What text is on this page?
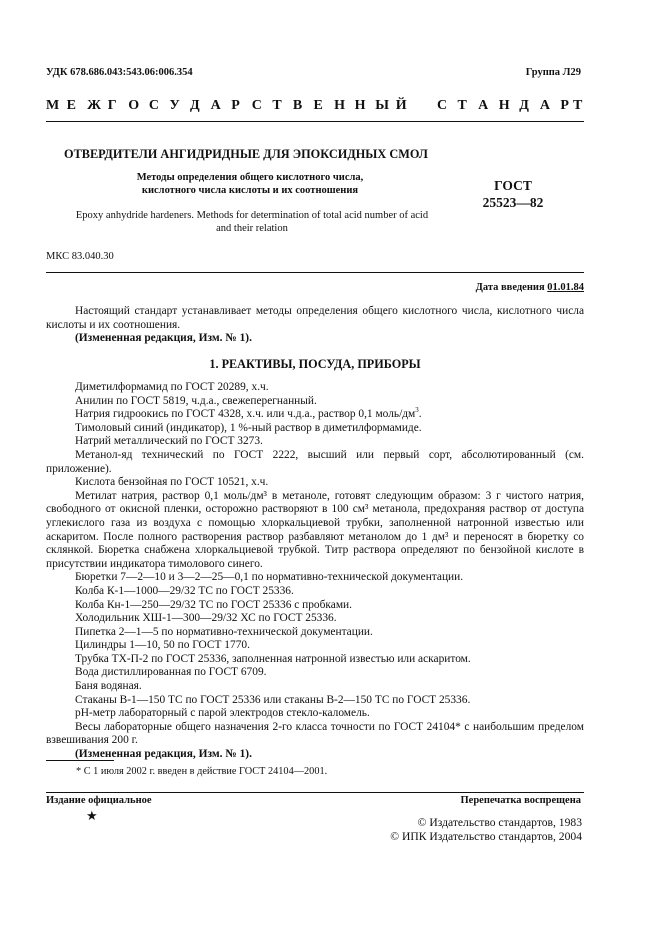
УДК 678.686.043:543.06:006.354	Группа Л29
М Е Ж Г О С У Д А Р С Т В Е Н Н Ы Й С Т А Н Д А Р Т
ОТВЕРДИТЕЛИ АНГИДРИДНЫЕ ДЛЯ ЭПОКСИДНЫХ СМОЛ
Методы определения общего кислотного числа,
кислотного числа кислоты и их соотношения	ГОСТ
25523—82
Epoxy anhydride hardeners. Methods for determination of total acid number of acid
and their relation
МКС 83.040.30
Дата введения 01.01.84

Настоящий стандарт устанавливает методы определения общего кислотного числа, кислотного числа кислоты и их соотношения.

(Измененная редакция, Изм. № 1).

1. РЕАКТИВЫ, ПОСУДА, ПРИБОРЫ

Диметилформамид по ГОСТ 20289, х.ч.

Анилин по ГОСТ 5819, ч.д.а., свежеперегнанный.

Натрия гидроокись по ГОСТ 4328, х.ч. или ч.д.а., раствор 0,1 моль/$дм^3$.

Тимоловый синий (индикатор), 1 %-ный раствор в диметилформамиде.

Натрий металлический по ГОСТ 3273.

Метанол-яд технический по ГОСТ 2222, высший или первый сорт, абсолютированный (см. приложение).

Кислота бензойная по ГОСТ 10521, х.ч.

Метилат натрия, раствор 0,1 моль/дм³ в метаноле, готовят следующим образом: 3 г чистого натрия, свободного от окисной пленки, осторожно растворяют в 100 см³ метанола, предохраняя раствор от доступа углекислого газа из воздуха с помощью хлоркальциевой трубки, заполненной натронной известью или аскаритом. После полного растворения раствор разбавляют метанолом до 1 дм³ и переносят в бюретку со склянкой. Бюретка снабжена хлоркальциевой трубкой. Титр раствора определяют по бензойной кислоте в присутствии индикатора тимолового синего.

Бюретки 7—2—10 и 3—2—25—0,1 по нормативно-технической документации.

Колба К-1—1000—29/32 ТС по ГОСТ 25336.

Колба Кн-1—250—29/32 ТС по ГОСТ 25336 с пробками.

Холодильник ХШ-1—300—29/32 ХС по ГОСТ 25336.

Пипетка 2—1—5 по нормативно-технической документации.

Цилиндры 1—10, 50 по ГОСТ 1770.

Трубка ТХ-П-2 по ГОСТ 25336, заполненная натронной известью или аскаритом.

Вода дистиллированная по ГОСТ 6709.

Баня водяная.

Стаканы В-1—150 ТС по ГОСТ 25336 или стаканы В-2—150 ТС по ГОСТ 25336.

рН-метр лабораторный с парой электродов стекло-каломель.

Весы лабораторные общего назначения 2-го класса точности по ГОСТ 24104* с наибольшим пределом взвешивания 200 г.

(Измененная редакция, Изм. № 1).

* С 1 июля 2002 г. введен в действие ГОСТ 24104—2001.
Издание официальное	Перепечатка воспрещена
★	© Издательство стандартов, 1983
© ИПК Издательство стандартов, 2004
